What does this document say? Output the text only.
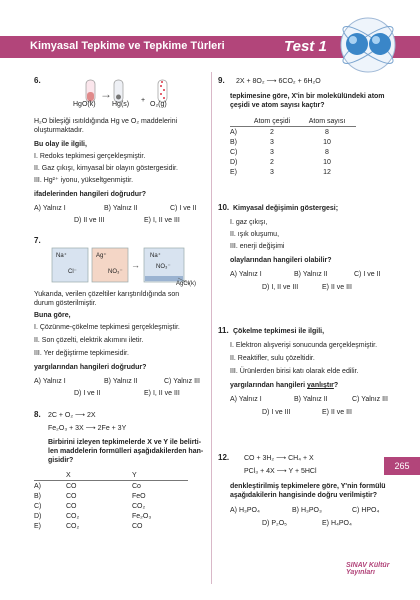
Kimyasal Tepkime ve Tepkime Türleri	Test 1
6.
→
HgO(k) Hg(s)
+
O₂(g)
H₂O bileşiği ısıtıldığında Hg ve O₂ maddelerini
oluşturmaktadır.
Bu olay ile ilgili,
I. Redoks tepkimesi gerçekleşmiştir.
II. Gaz çıkışı, kimyasal bir olayın göstergesidir.
III. Hg²⁺ iyonu, yükseltgenmiştir.
ifadelerinden hangileri doğrudur?
A) Yalnız I	B) Yalnız II	C) I ve II
D) II ve III	E) I, II ve III
7.
→
Na⁺
Cl⁻
Ag⁺
NO₃⁻
Na⁺
NO₃⁻
AgCl(k)
Yukarıda, verilen çözeltiler karıştırıldığında son
durum gösterilmiştir.
Buna göre,
I. Çözünme-çökelme tepkimesi gerçekleşmiştir.
II. Son çözelti, elektrik akımını iletir.
III. Yer değiştirme tepkimesidir.
yargılarından hangileri doğrudur?
A) Yalnız I	B) Yalnız II	C) Yalnız III
D) I ve II	E) I, II ve III
8. 2C + O₂ ⟶ 2X
Fe₂O₃ + 3X ⟶ 2Fe + 3Y
Birbirini izleyen tepkimelerde X ve Y ile belirti-
len maddelerin formülleri aşağıdakilerden han-
gisidir?
	X	Y
A)	CO	Co
B)	CO	FeO
C)	CO	CO₂
D)	CO₂	Fe₂O₃
E)	CO₂	CO
9. 2X + 8O₂ ⟶ 6CO₂ + 6H₂O
tepkimesine göre, X'in bir molekülündeki atom
çeşidi ve atom sayısı kaçtır?
	Atom çeşidi	Atom sayısı
A)	2	8
B)	3	10
C)	3	8
D)	2	10
E)	3	12
10. Kimyasal değişimin göstergesi;
I. gaz çıkışı,
II. ışık oluşumu,
III. enerji değişimi
olaylarından hangileri olabilir?
A) Yalnız I	B) Yalnız II	C) I ve II
D) I, II ve III	E) II ve III
11. Çökelme tepkimesi ile ilgili,
I. Elektron alışverişi sonucunda gerçekleşmiştir.
II. Reaktifler, sulu çözeltidir.
III. Ürünlerden birisi katı olarak elde edilir.
yargılarından hangileri yanlıştır?
A) Yalnız I	B) Yalnız II	C) Yalnız III
D) I ve III	E) II ve III
12. CO + 3H₂ ⟶ CH₄ + X
PCl₃ + 4X ⟶ Y + 5HCl
denkleştirilmiş tepkimelere göre, Y'nin formülü
aşağıdakilerin hangisinde doğru verilmiştir?
A) H₃PO₄	B) H₃PO₃	C) HPO₄
D) P₂O₅	E) H₄PO₄
265
SINAV Kültür Yayınları
